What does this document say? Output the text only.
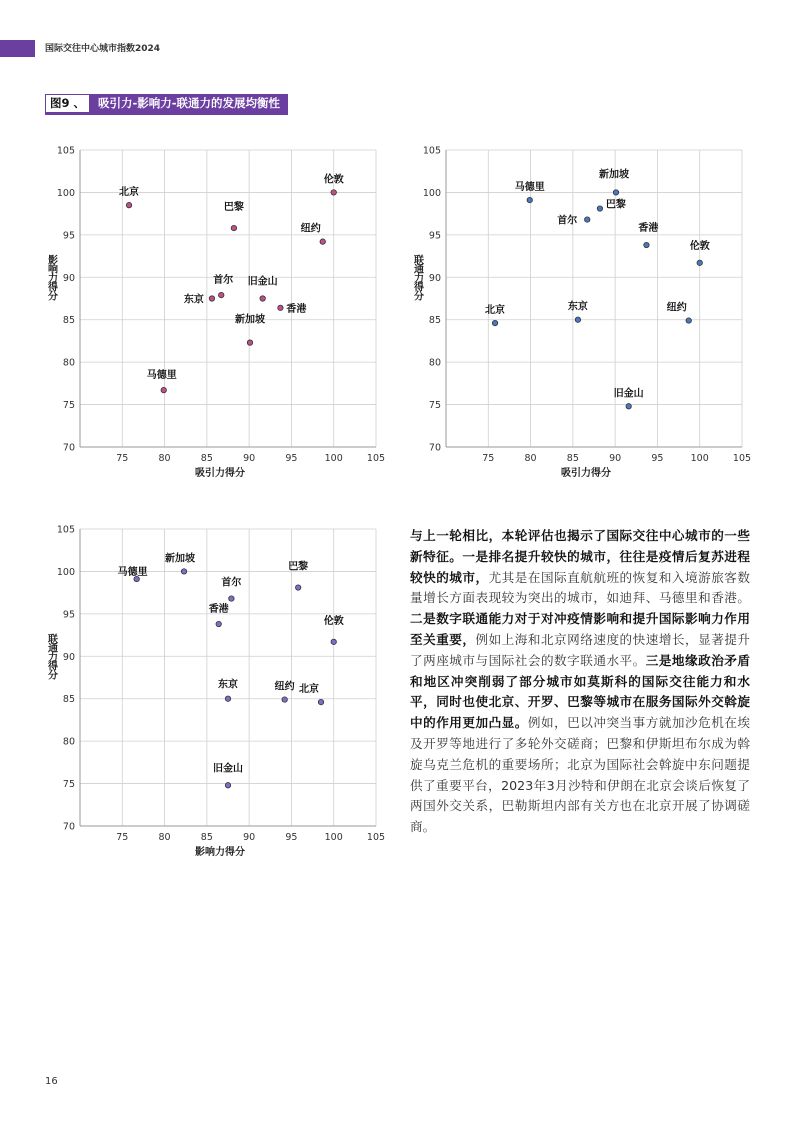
国际交往中心城市指数2024
图9 、	吸引力-影响力-联通力的发展均衡性
75	80	85	90	95	100	105
70
75
80
85
90
95
100
105
吸引力得分
影响力得分
北京
伦敦
巴黎
纽约
首尔
东京
旧金山
香港
新加坡
马德里
75	80	85	90	95	100	105
70
75
80
85
90
95
100
105
吸引力得分
联通力得分
马德里
新加坡
首尔
巴黎
香港
伦敦
北京	东京	纽约
旧金山
75	80	85	90	95	100	105
70
75
80
85
90
95
100
105
影响力得分
联通力得分
马德里
新加坡
首尔
巴黎
香港
伦敦
东京	纽约 北京
旧金山
与上一轮相比，本轮评估也揭示了国际交往中心城市的一些新特征。一是排名提升较快的城市，往往是疫情后复苏进程较快的城市，尤其是在国际直航航班的恢复和入境游旅客数量增长方面表现较为突出的城市，如迪拜、马德里和香港。二是数字联通能力对于对冲疫情影响和提升国际影响力作用至关重要，例如上海和北京网络速度的快速增长，显著提升了两座城市与国际社会的数字联通水平。三是地缘政治矛盾和地区冲突削弱了部分城市如莫斯科的国际交往能力和水平，同时也使北京、开罗、巴黎等城市在服务国际外交斡旋中的作用更加凸显。例如，巴以冲突当事方就加沙危机在埃及开罗等地进行了多轮外交磋商；巴黎和伊斯坦布尔成为斡旋乌克兰危机的重要场所；北京为国际社会斡旋中东问题提供了重要平台，2023年3月沙特和伊朗在北京会谈后恢复了两国外交关系，巴勒斯坦内部有关方也在北京开展了协调磋商。
16
